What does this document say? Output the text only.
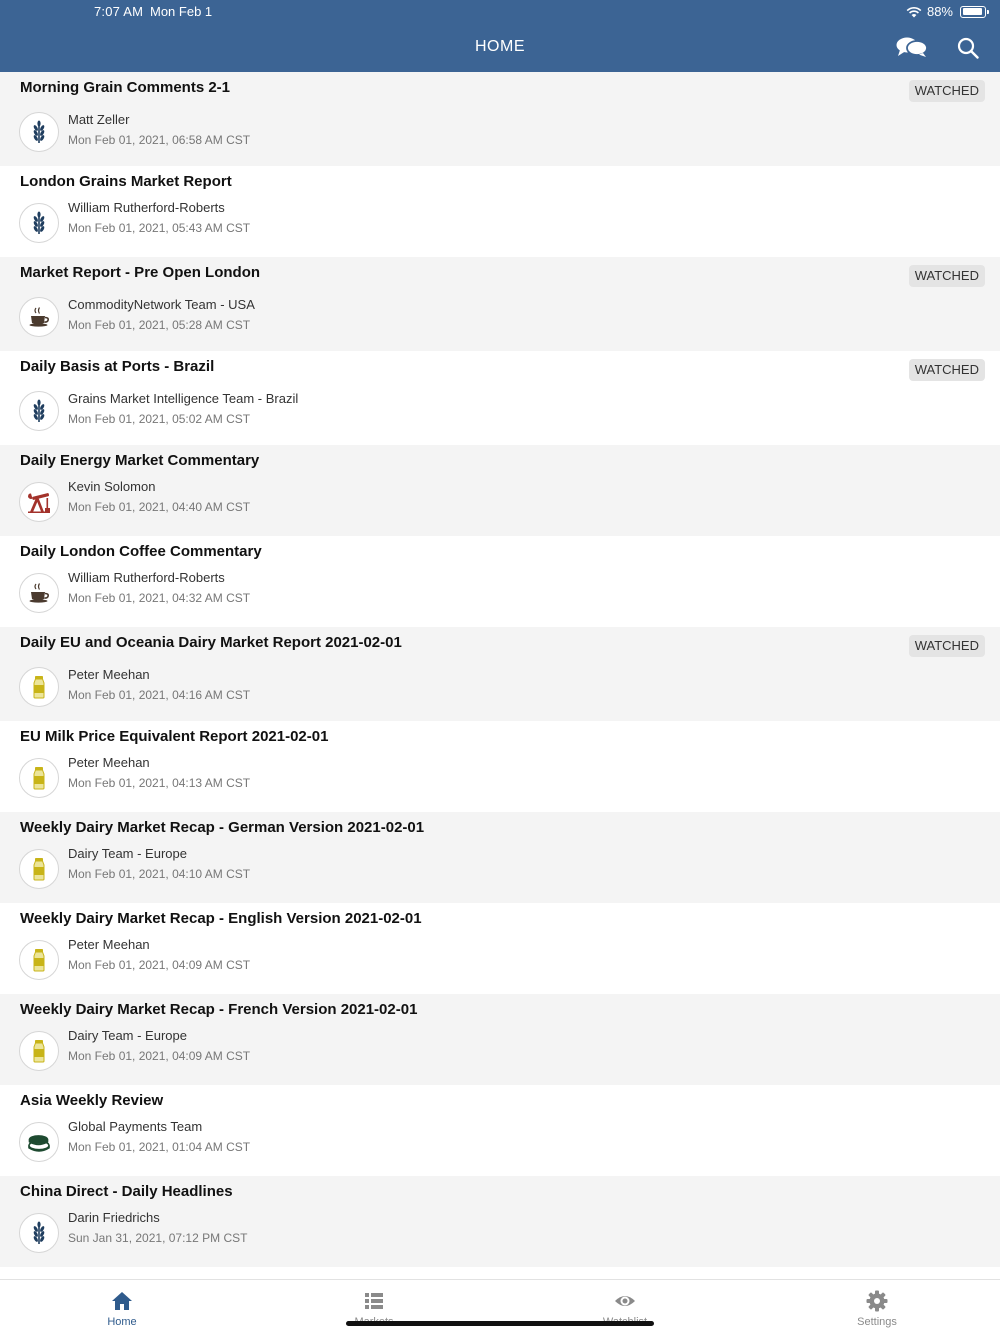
7:07 AM Mon Feb 1	88%
HOME
Morning Grain Comments 2-1	WATCHED
Matt Zeller
Mon Feb 01, 2021, 06:58 AM CST
London Grains Market Report
William Rutherford-Roberts
Mon Feb 01, 2021, 05:43 AM CST
Market Report - Pre Open London	WATCHED
CommodityNetwork Team - USA
Mon Feb 01, 2021, 05:28 AM CST
Daily Basis at Ports - Brazil	WATCHED
Grains Market Intelligence Team - Brazil
Mon Feb 01, 2021, 05:02 AM CST
Daily Energy Market Commentary
Kevin Solomon
Mon Feb 01, 2021, 04:40 AM CST
Daily London Coffee Commentary
William Rutherford-Roberts
Mon Feb 01, 2021, 04:32 AM CST
Daily EU and Oceania Dairy Market Report 2021-02-01	WATCHED
Peter Meehan
Mon Feb 01, 2021, 04:16 AM CST
EU Milk Price Equivalent Report 2021-02-01
Peter Meehan
Mon Feb 01, 2021, 04:13 AM CST
Weekly Dairy Market Recap - German Version 2021-02-01
Dairy Team - Europe
Mon Feb 01, 2021, 04:10 AM CST
Weekly Dairy Market Recap - English Version 2021-02-01
Peter Meehan
Mon Feb 01, 2021, 04:09 AM CST
Weekly Dairy Market Recap - French Version 2021-02-01
Dairy Team - Europe
Mon Feb 01, 2021, 04:09 AM CST
Asia Weekly Review
Global Payments Team
Mon Feb 01, 2021, 01:04 AM CST
China Direct - Daily Headlines
Darin Friedrichs
Sun Jan 31, 2021, 07:12 PM CST
Home	Settings
